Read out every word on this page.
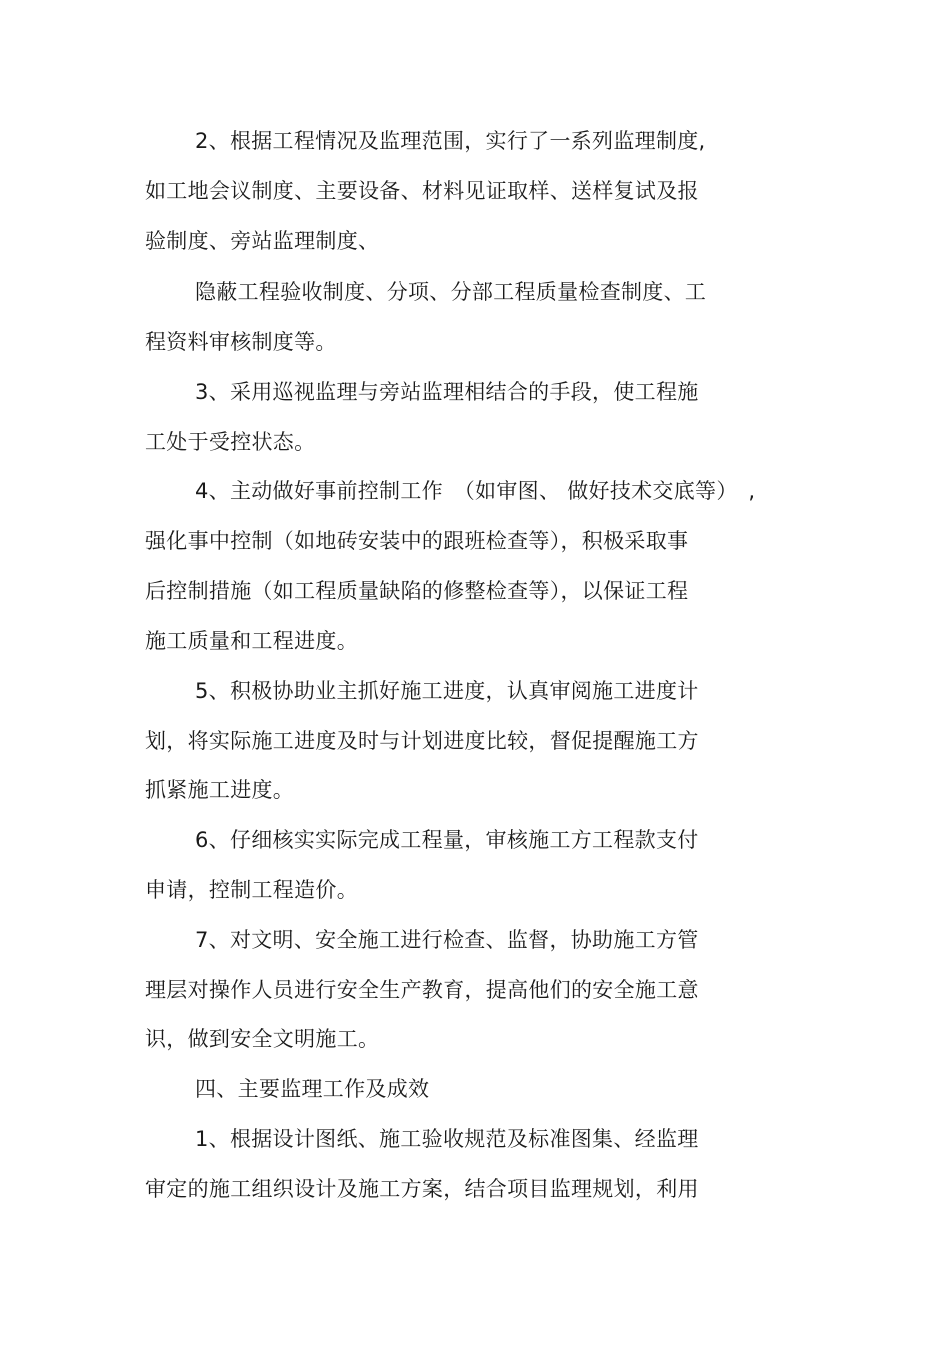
2、根据工程情况及监理范围，实行了一系列监理制度,
如工地会议制度、主要设备、材料见证取样、送样复试及报
验制度、旁站监理制度、
隐蔽工程验收制度、分项、分部工程质量检查制度、工
程资料审核制度等。
3、采用巡视监理与旁站监理相结合的手段，使工程施
工处于受控状态。
4、主动做好事前控制工作　（如审图、 做好技术交底等）　,
强化事中控制（如地砖安装中的跟班检查等），积极采取事
后控制措施（如工程质量缺陷的修整检查等），以保证工程
施工质量和工程进度。
5、积极协助业主抓好施工进度，认真审阅施工进度计
划，将实际施工进度及时与计划进度比较，督促提醒施工方
抓紧施工进度。
6、仔细核实实际完成工程量，审核施工方工程款支付
申请，控制工程造价。
7、对文明、安全施工进行检查、监督，协助施工方管
理层对操作人员进行安全生产教育，提高他们的安全施工意
识，做到安全文明施工。
四、主要监理工作及成效
1、根据设计图纸、施工验收规范及标准图集、经监理
审定的施工组织设计及施工方案，结合项目监理规划，利用
